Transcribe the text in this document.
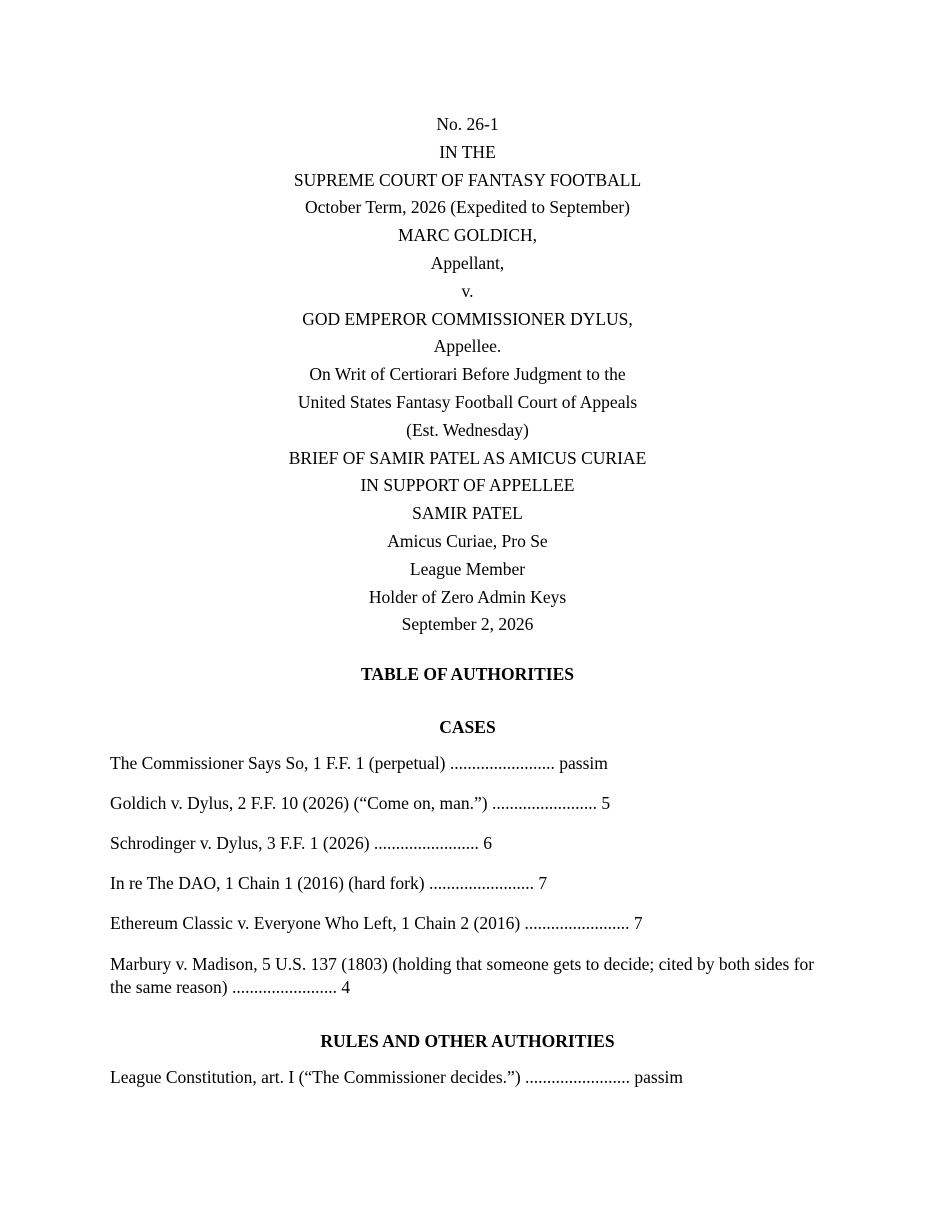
No. 26-1
IN THE
SUPREME COURT OF FANTASY FOOTBALL
October Term, 2026 (Expedited to September)
MARC GOLDICH,
Appellant,
v.
GOD EMPEROR COMMISSIONER DYLUS,
Appellee.
On Writ of Certiorari Before Judgment to the
United States Fantasy Football Court of Appeals
(Est. Wednesday)
BRIEF OF SAMIR PATEL AS AMICUS CURIAE
IN SUPPORT OF APPELLEE
SAMIR PATEL
Amicus Curiae, Pro Se
League Member
Holder of Zero Admin Keys
September 2, 2026
TABLE OF AUTHORITIES
CASES
The Commissioner Says So, 1 F.F. 1 (perpetual) ........................ passim
Goldich v. Dylus, 2 F.F. 10 (2026) (“Come on, man.”) ........................ 5
Schrodinger v. Dylus, 3 F.F. 1 (2026) ........................ 6
In re The DAO, 1 Chain 1 (2016) (hard fork) ........................ 7
Ethereum Classic v. Everyone Who Left, 1 Chain 2 (2016) ........................ 7
Marbury v. Madison, 5 U.S. 137 (1803) (holding that someone gets to decide; cited by both sides for the same reason) ........................ 4
RULES AND OTHER AUTHORITIES
League Constitution, art. I (“The Commissioner decides.”) ........................ passim
